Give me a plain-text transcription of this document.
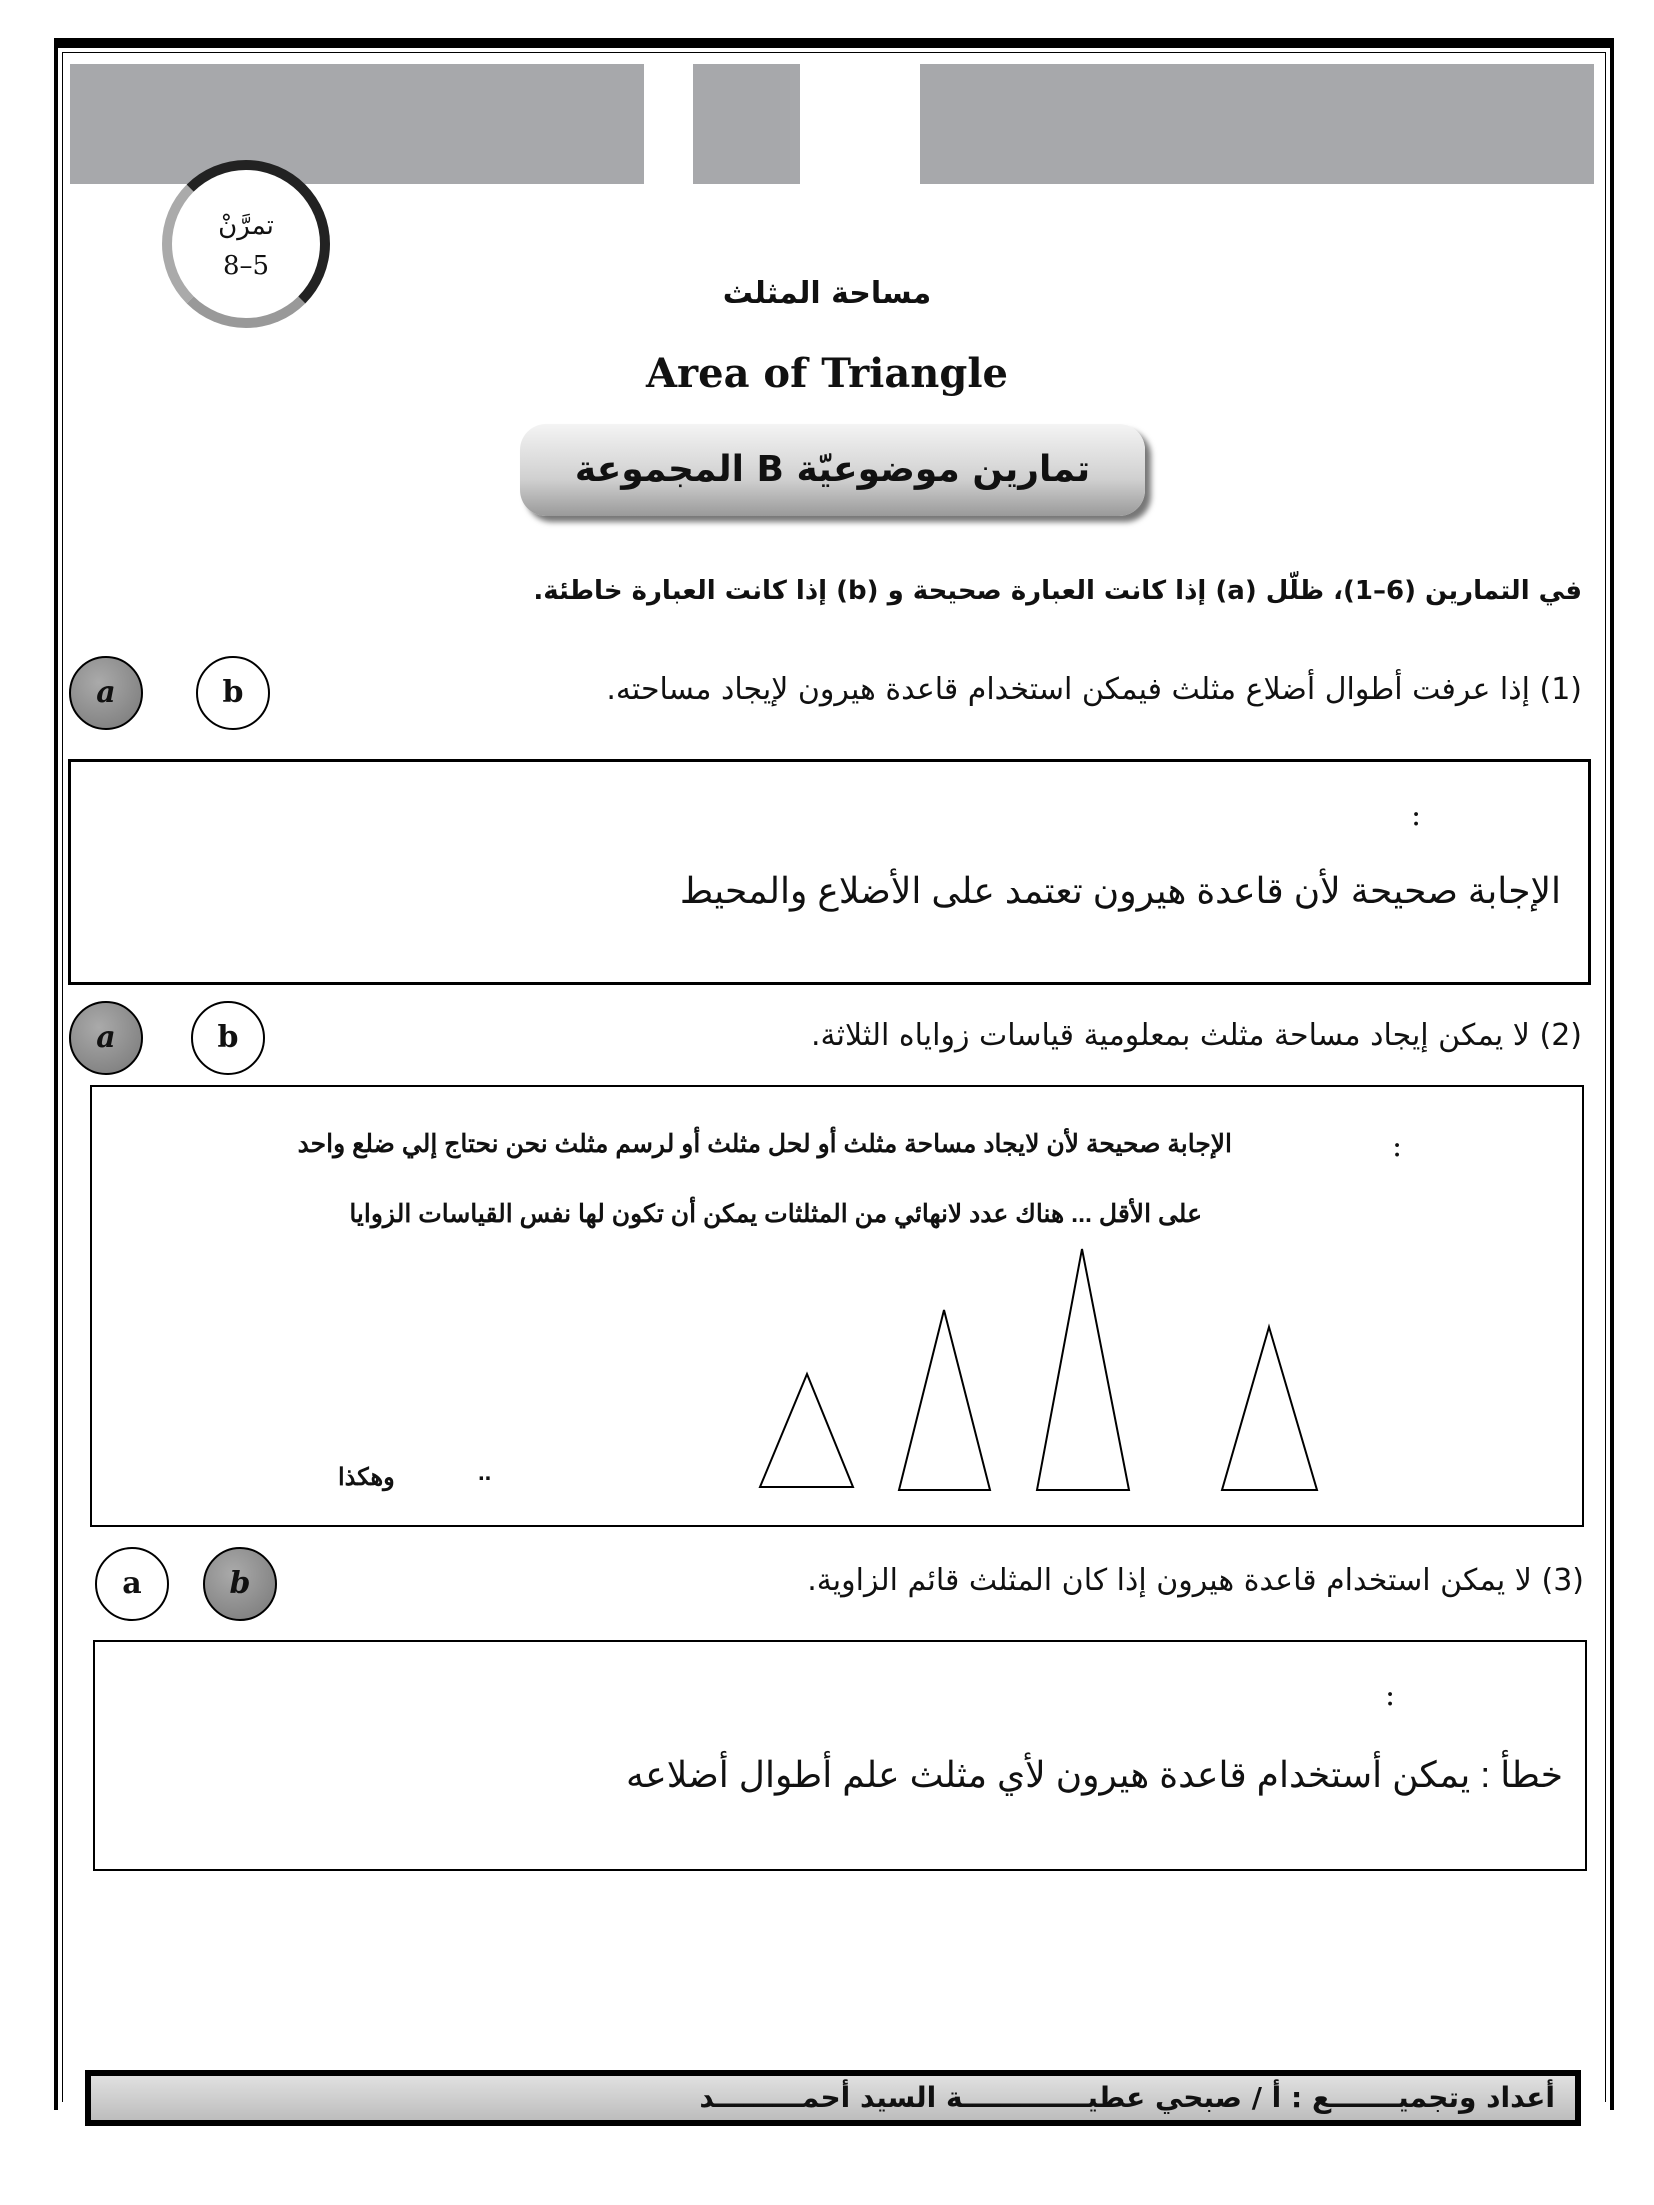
تمرَّنْ
8–5
مساحة المثلث
Area of Triangle
المجموعة B تمارين موضوعيّة
في التمارين (6–1)، ظلّل (a) إذا كانت العبارة صحيحة و (b) إذا كانت العبارة خاطئة.
(1) إذا عرفت أطوال أضلاع مثلث فيمكن استخدام قاعدة هيرون لإيجاد مساحته.
a	b
:
الإجابة صحيحة لأن قاعدة هيرون تعتمد على الأضلاع والمحيط
(2) لا يمكن إيجاد مساحة مثلث بمعلومية قياسات زواياه الثلاثة.
a	b
:
الإجابة صحيحة لأن لايجاد مساحة مثلث أو لحل مثلث أو لرسم مثلث نحن نحتاج إلي ضلع واحد
على الأقل ... هناك عدد لانهائي من المثلثات يمكن أن تكون لها نفس القياسات الزوايا
وهكذا	..
(3) لا يمكن استخدام قاعدة هيرون إذا كان المثلث قائم الزاوية.
a	b
:
خطأ : يمكن أستخدام قاعدة هيرون لأي مثلث علم أطوال أضلاعه
أعداد وتجميـــــــع : أ / صبحي عطيـــــــــــــة السيد أحمـــــــــد
